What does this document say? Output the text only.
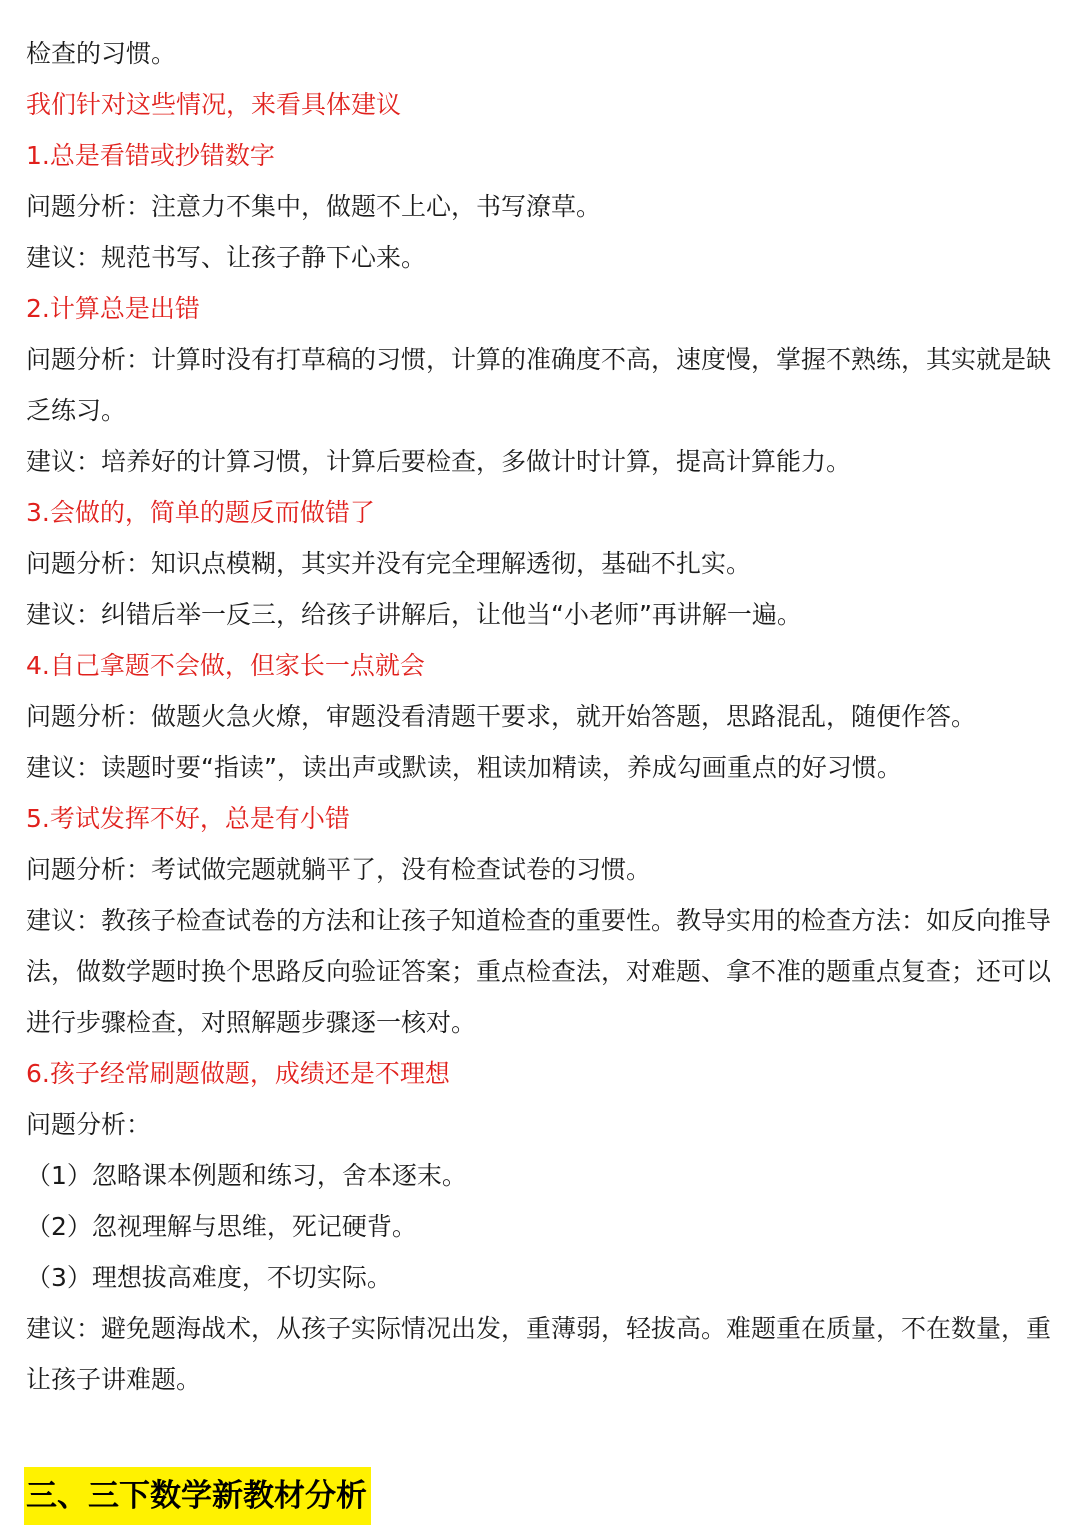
检查的习惯。
我们针对这些情况，来看具体建议
1.总是看错或抄错数字
问题分析：注意力不集中，做题不上心，书写潦草。
建议：规范书写、让孩子静下心来。
2.计算总是出错
问题分析：计算时没有打草稿的习惯，计算的准确度不高，速度慢，掌握不熟练，其实就是缺
乏练习。
建议：培养好的计算习惯，计算后要检查，多做计时计算，提高计算能力。
3.会做的，简单的题反而做错了
问题分析：知识点模糊，其实并没有完全理解透彻，基础不扎实。
建议：纠错后举一反三，给孩子讲解后，让他当“小老师”再讲解一遍。
4.自己拿题不会做，但家长一点就会
问题分析：做题火急火燎，审题没看清题干要求，就开始答题，思路混乱，随便作答。
建议：读题时要“指读”，读出声或默读，粗读加精读，养成勾画重点的好习惯。
5.考试发挥不好，总是有小错
问题分析：考试做完题就躺平了，没有检查试卷的习惯。
建议：教孩子检查试卷的方法和让孩子知道检查的重要性。教导实用的检查方法：如反向推导
法，做数学题时换个思路反向验证答案；重点检查法，对难题、拿不准的题重点复查；还可以
进行步骤检查，对照解题步骤逐一核对。
6.孩子经常刷题做题，成绩还是不理想
问题分析：
（1）忽略课本例题和练习，舍本逐末。
（2）忽视理解与思维，死记硬背。
（3）理想拔高难度，不切实际。
建议：避免题海战术，从孩子实际情况出发，重薄弱，轻拔高。难题重在质量，不在数量，重
让孩子讲难题。
三、三下数学新教材分析
